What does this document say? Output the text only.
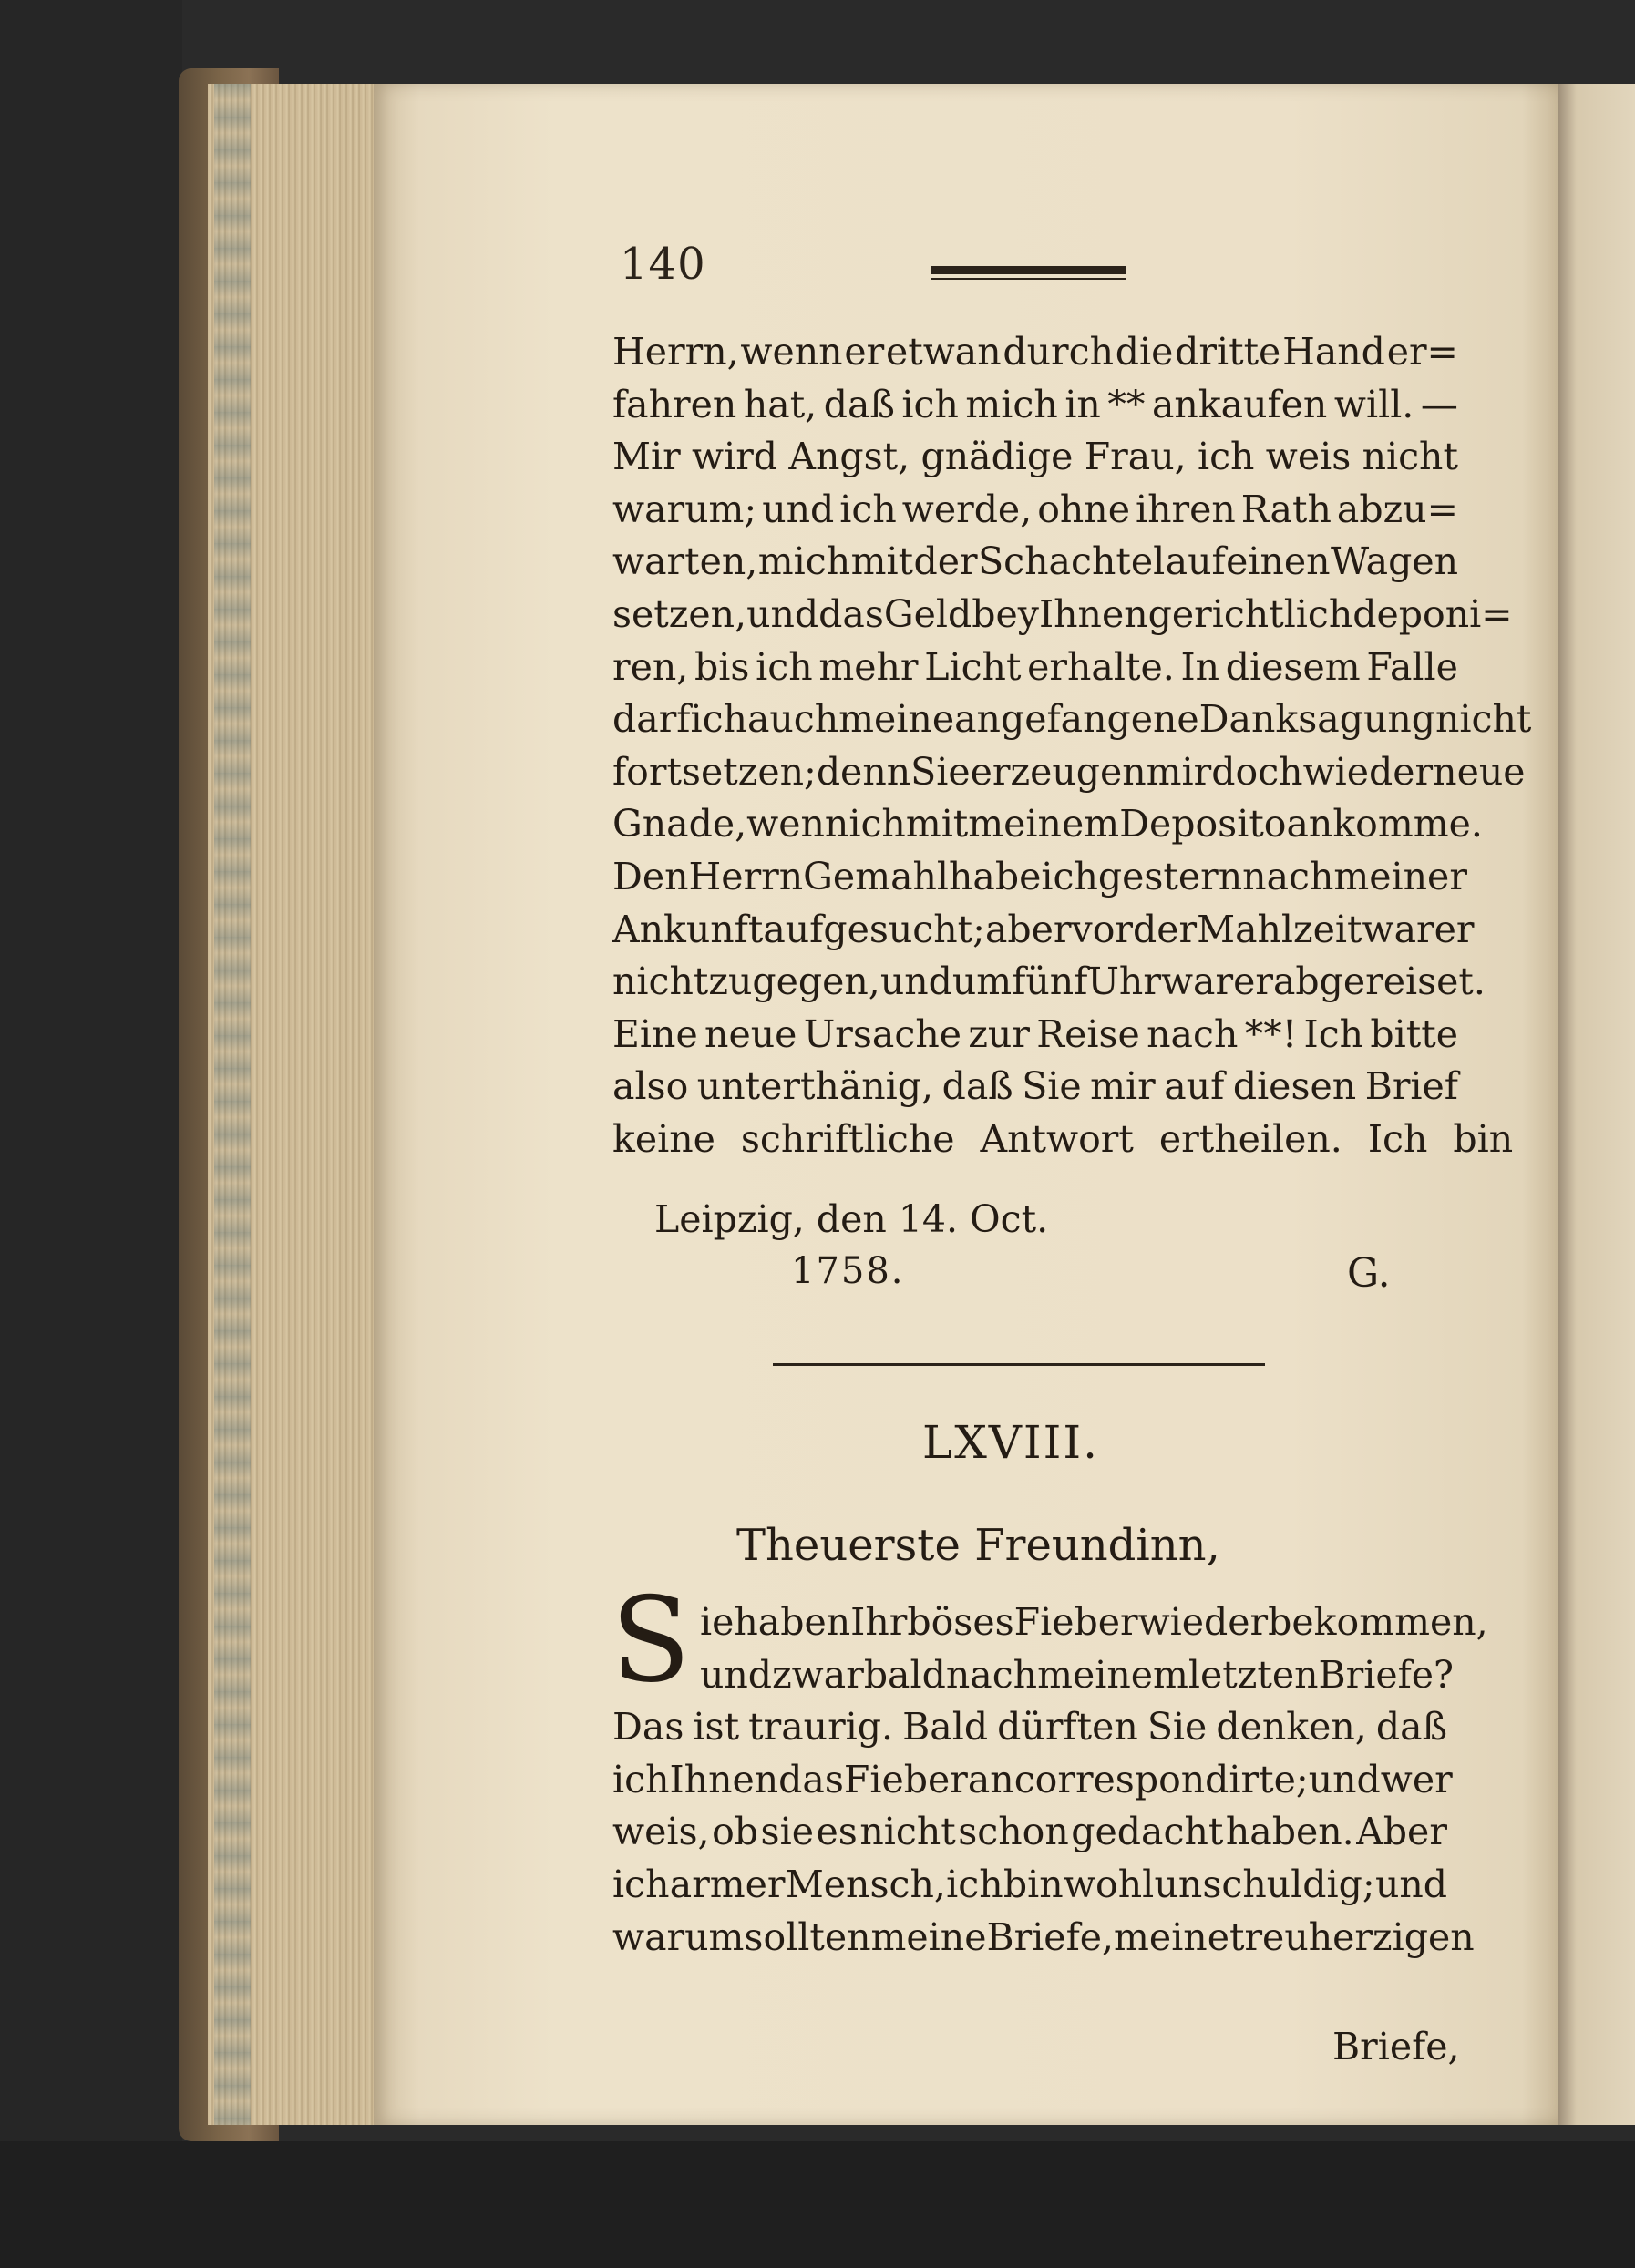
140
Herrn, wenn er etwan durch die dritte Hand er=
fahren hat, daß ich mich in ** ankaufen will. —
Mir wird Angst, gnädige Frau, ich weis nicht
warum; und ich werde, ohne ihren Rath abzu=
warten, mich mit der Schachtel auf einen Wagen
setzen, und das Geld bey Ihnen gerichtlich deponi=
ren, bis ich mehr Licht erhalte. In diesem Falle
darf ich auch meine angefangene Danksagung nicht
fortsetzen; denn Sie erzeugen mir doch wieder neue
Gnade, wenn ich mit meinem Deposito ankomme.
Den Herrn Gemahl habe ich gestern nach meiner
Ankunft aufgesucht; aber vor der Mahlzeit war er
nicht zugegen, und um fünf Uhr war er abgereiset.
Eine neue Ursache zur Reise nach **! Ich bitte
also unterthänig, daß Sie mir auf diesen Brief
keine schriftliche Antwort ertheilen. Ich bin
Leipzig, den 14. Oct.
1758.	G.
LXVIII.
Theuerste Freundinn,
S ie haben Ihr böses Fieber wieder bekommen,
und zwar bald nach meinem letzten Briefe?
Das ist traurig. Bald dürften Sie denken, daß
ich Ihnen das Fieber ancorrespondirte; und wer
weis, ob sie es nicht schon gedacht haben. Aber
ich armer Mensch, ich bin wohl unschuldig; und
warum sollten meine Briefe, meine treuherzigen
Briefe,
